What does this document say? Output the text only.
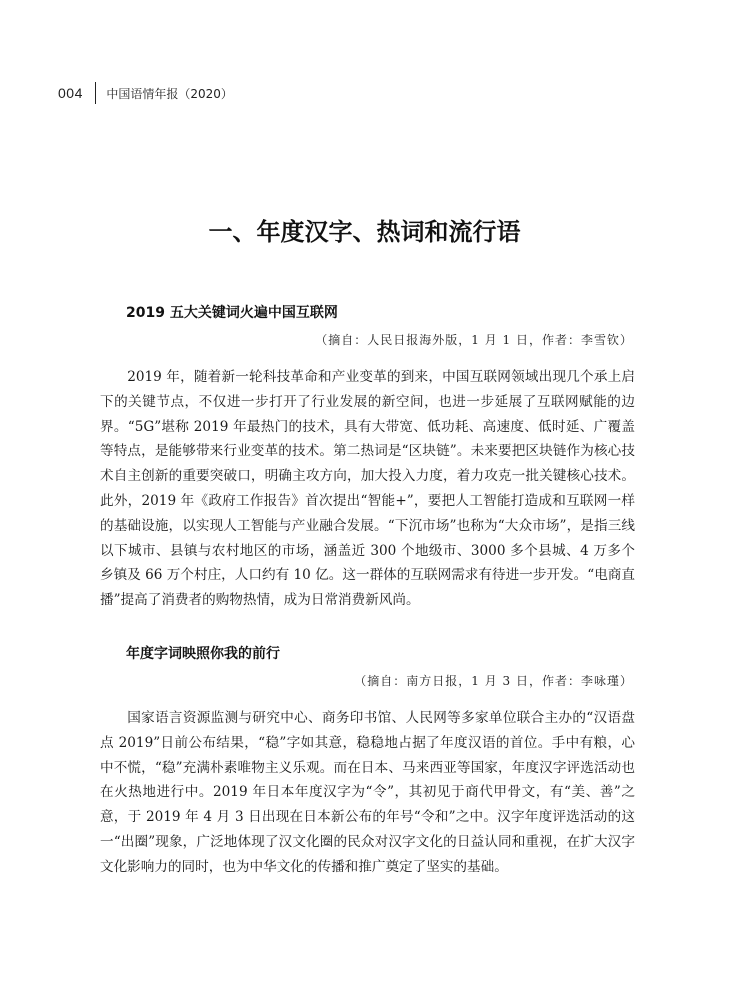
004 中国语情年报（2020）
一、年度汉字、热词和流行语
2019 五大关键词火遍中国互联网
（摘自：人民日报海外版，1 月 1 日，作者：李雪钦）

2019 年，随着新一轮科技革命和产业变革的到来，中国互联网领域出现几个承上启下的关键节点，不仅进一步打开了行业发展的新空间，也进一步延展了互联网赋能的边界。“5G”堪称 2019 年最热门的技术，具有大带宽、低功耗、高速度、低时延、广覆盖等特点，是能够带来行业变革的技术。第二热词是“区块链”。未来要把区块链作为核心技术自主创新的重要突破口，明确主攻方向，加大投入力度，着力攻克一批关键核心技术。此外，2019 年《政府工作报告》首次提出“智能+”，要把人工智能打造成和互联网一样的基础设施，以实现人工智能与产业融合发展。“下沉市场”也称为“大众市场”，是指三线以下城市、县镇与农村地区的市场，涵盖近 300 个地级市、3000 多个县城、4 万多个乡镇及 66 万个村庄，人口约有 10 亿。这一群体的互联网需求有待进一步开发。“电商直播”提高了消费者的购物热情，成为日常消费新风尚。

年度字词映照你我的前行
（摘自：南方日报，1 月 3 日，作者：李咏瑾）

国家语言资源监测与研究中心、商务印书馆、人民网等多家单位联合主办的“汉语盘点 2019”日前公布结果，“稳”字如其意，稳稳地占据了年度汉语的首位。手中有粮，心中不慌，“稳”充满朴素唯物主义乐观。而在日本、马来西亚等国家，年度汉字评选活动也在火热地进行中。2019 年日本年度汉字为“令”，其初见于商代甲骨文，有“美、善”之意，于 2019 年 4 月 3 日出现在日本新公布的年号“令和”之中。汉字年度评选活动的这一“出圈”现象，广泛地体现了汉文化圈的民众对汉字文化的日益认同和重视，在扩大汉字文化影响力的同时，也为中华文化的传播和推广奠定了坚实的基础。
